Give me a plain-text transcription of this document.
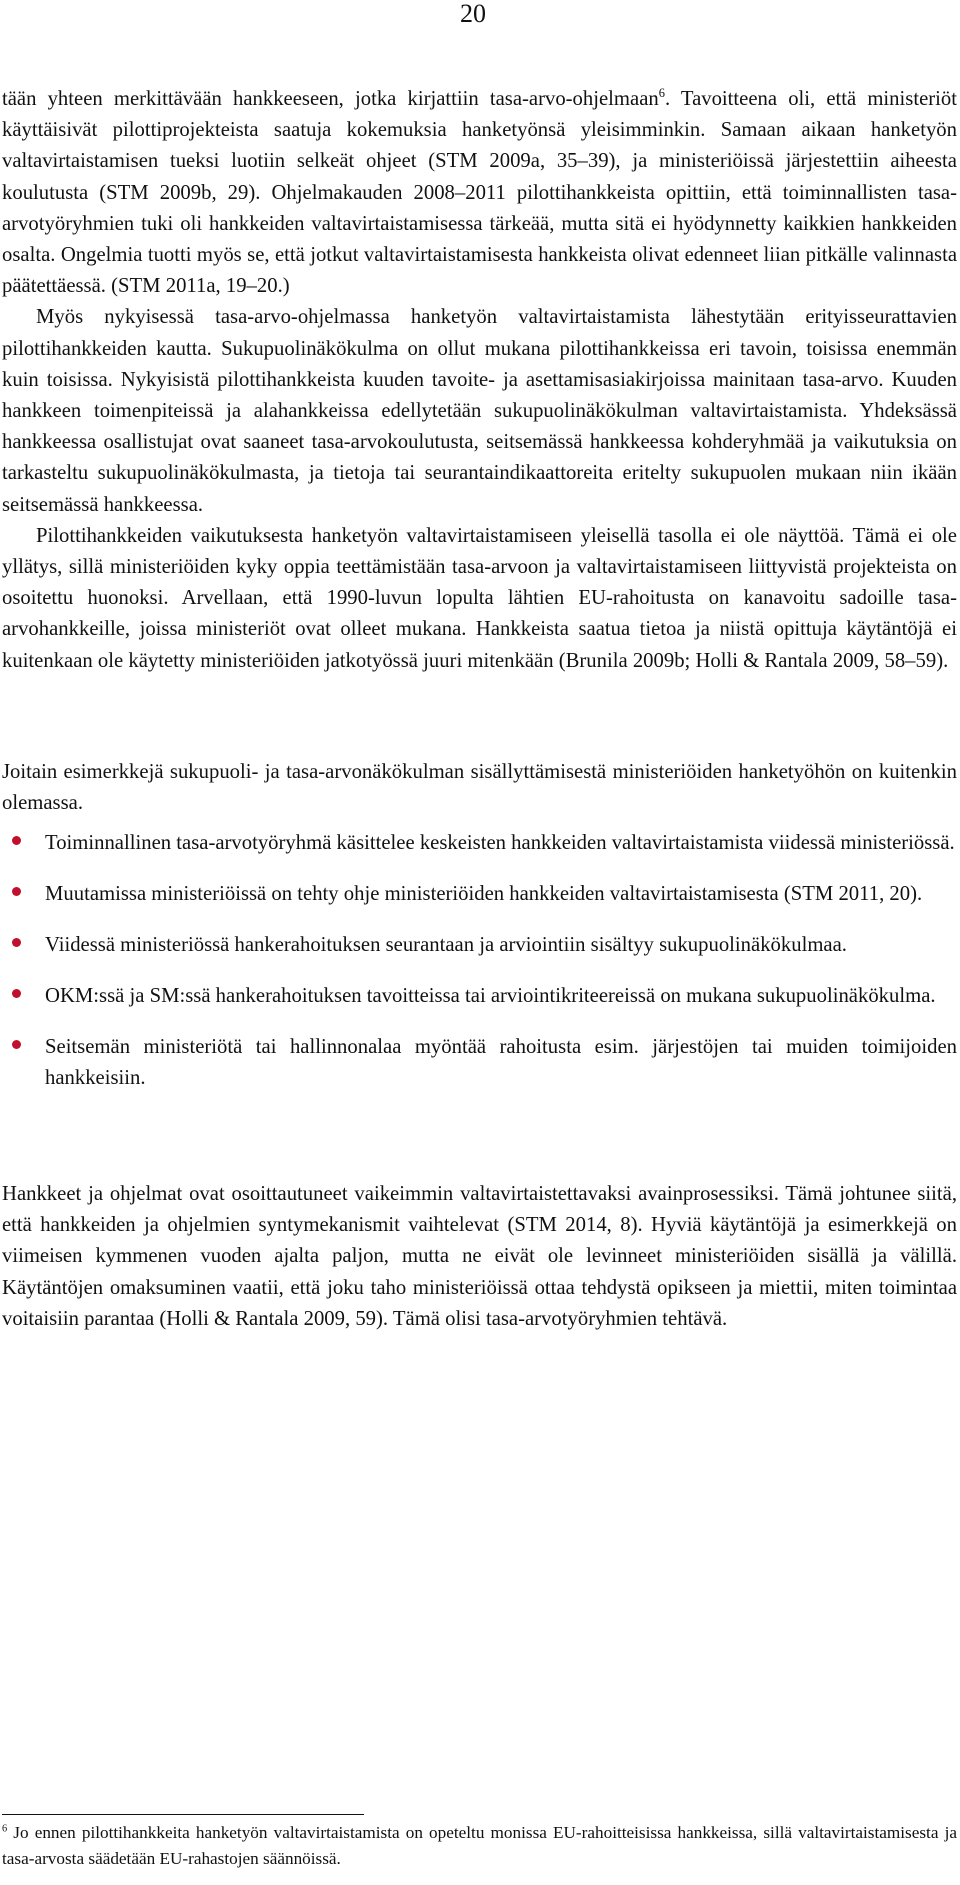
20

tään yhteen merkittävään hankkeeseen, jotka kirjattiin tasa-arvo-ohjelmaan$^6$. Tavoitteena oli, että ministeriöt käyttäisivät pilottiprojekteista saatuja kokemuksia hanketyönsä yleisimminkin. Samaan aikaan hanketyön valtavirtaistamisen tueksi luotiin selkeät ohjeet (STM 2009a, 35–39), ja ministeriöissä järjestettiin aiheesta koulutusta (STM 2009b, 29). Ohjelmakauden 2008–2011 pilottihankkeista opittiin, että toiminnallisten tasa-arvotyöryhmien tuki oli hankkeiden valtavirtaistamisessa tärkeää, mutta sitä ei hyödynnetty kaikkien hankkeiden osalta. Ongelmia tuotti myös se, että jotkut valtavirtaistamisesta hankkeista olivat edenneet liian pitkälle valinnasta päätettäessä. (STM 2011a, 19–20.)

Myös nykyisessä tasa-arvo-ohjelmassa hanketyön valtavirtaistamista lähestytään erityisseurattavien pilottihankkeiden kautta. Sukupuolinäkökulma on ollut mukana pilottihankkeissa eri tavoin, toisissa enemmän kuin toisissa. Nykyisistä pilottihankkeista kuuden tavoite- ja asettamisasiakirjoissa mainitaan tasa-arvo. Kuuden hankkeen toimenpiteissä ja alahankkeissa edellytetään sukupuolinäkökulman valtavirtaistamista. Yhdeksässä hankkeessa osallistujat ovat saaneet tasa-arvokoulutusta, seitsemässä hankkeessa kohderyhmää ja vaikutuksia on tarkasteltu sukupuolinäkökulmasta, ja tietoja tai seurantaindikaattoreita eritelty sukupuolen mukaan niin ikään seitsemässä hankkeessa.

Pilottihankkeiden vaikutuksesta hanketyön valtavirtaistamiseen yleisellä tasolla ei ole näyttöä. Tämä ei ole yllätys, sillä ministeriöiden kyky oppia teettämistään tasa-arvoon ja valtavirtaistamiseen liittyvistä projekteista on osoitettu huonoksi. Arvellaan, että 1990-luvun lopulta lähtien EU-rahoitusta on kanavoitu sadoille tasa-arvohankkeille, joissa ministeriöt ovat olleet mukana. Hankkeista saatua tietoa ja niistä opittuja käytäntöjä ei kuitenkaan ole käytetty ministeriöiden jatkotyössä juuri mitenkään (Brunila 2009b; Holli & Rantala 2009, 58–59).

Joitain esimerkkejä sukupuoli- ja tasa-arvonäkökulman sisällyttämisestä ministeriöiden hanketyöhön on kuitenkin olemassa.

Toiminnallinen tasa-arvotyöryhmä käsittelee keskeisten hankkeiden valtavirtaistamista viidessä ministeriössä.
Muutamissa ministeriöissä on tehty ohje ministeriöiden hankkeiden valtavirtaistamisesta (STM 2011, 20).
Viidessä ministeriössä hankerahoituksen seurantaan ja arviointiin sisältyy sukupuolinäkökulmaa.
OKM:ssä ja SM:ssä hankerahoituksen tavoitteissa tai arviointikriteereissä on mukana sukupuolinäkökulma.
Seitsemän ministeriötä tai hallinnonalaa myöntää rahoitusta esim. järjestöjen tai muiden toimijoiden hankkeisiin.

Hankkeet ja ohjelmat ovat osoittautuneet vaikeimmin valtavirtaistettavaksi avainprosessiksi. Tämä johtunee siitä, että hankkeiden ja ohjelmien syntymekanismit vaihtelevat (STM 2014, 8). Hyviä käytäntöjä ja esimerkkejä on viimeisen kymmenen vuoden ajalta paljon, mutta ne eivät ole levinneet ministeriöiden sisällä ja välillä. Käytäntöjen omaksuminen vaatii, että joku taho ministeriöissä ottaa tehdystä opikseen ja miettii, miten toimintaa voitaisiin parantaa (Holli & Rantala 2009, 59). Tämä olisi tasa-arvotyöryhmien tehtävä.

$^6$ Jo ennen pilottihankkeita hanketyön valtavirtaistamista on opeteltu monissa EU-rahoitteisissa hankkeissa, sillä valtavirtaistamisesta ja tasa-arvosta säädetään EU-rahastojen säännöissä.
